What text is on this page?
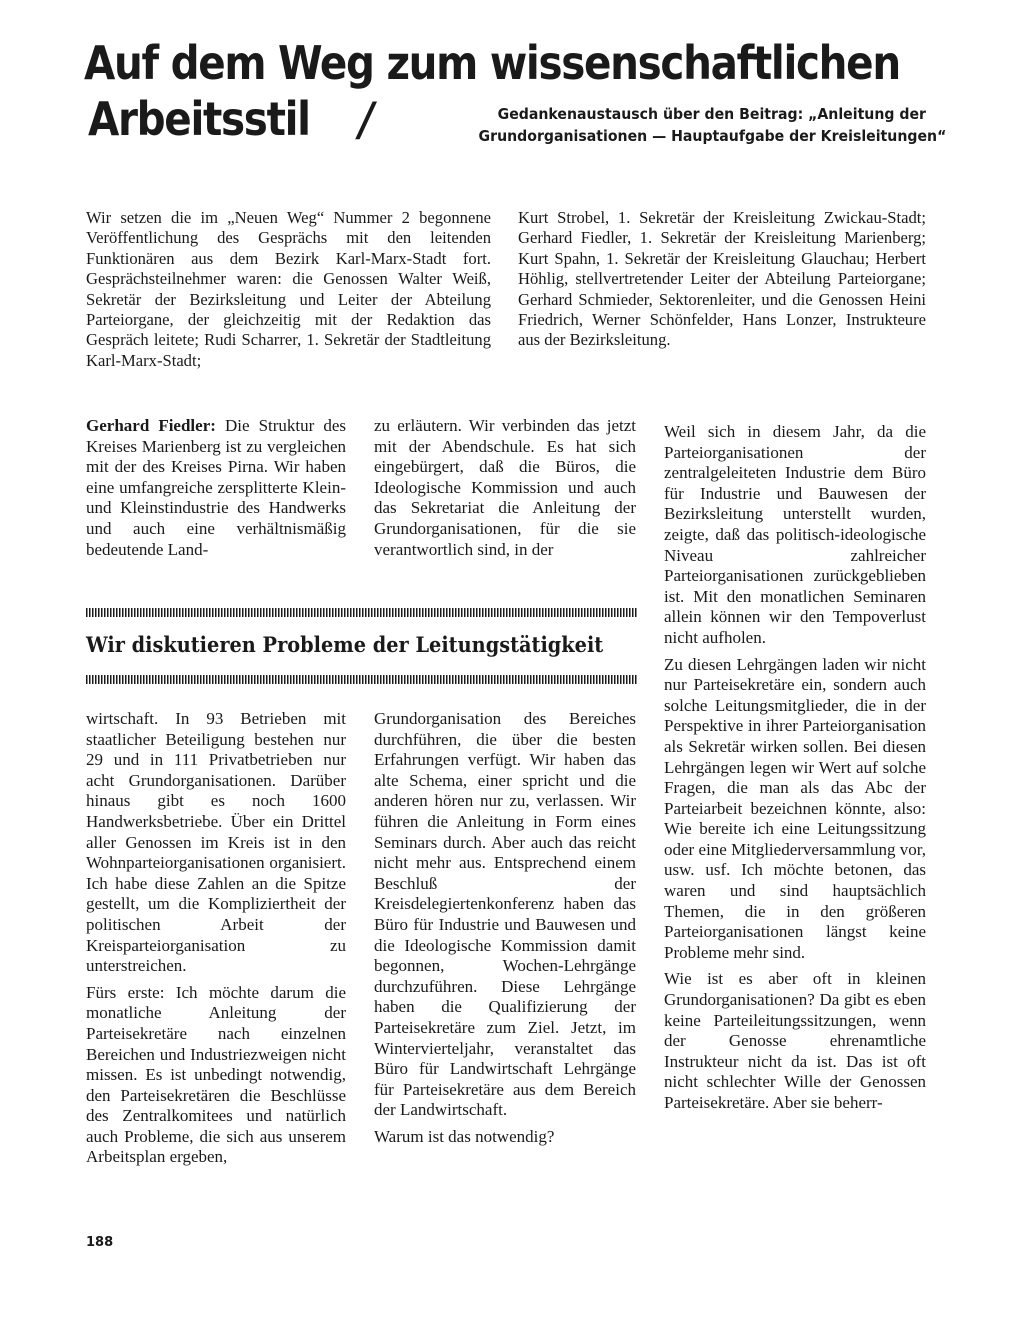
Auf dem Weg zum wissenschaftlichen
Arbeitsstil /	Gedankenaustausch über den Beitrag: „Anleitung der
Grundorganisationen — Hauptaufgabe der Kreisleitungen“

Wir setzen die im „Neuen Weg“ Nummer 2 begonnene Veröffentlichung des Gesprächs mit den leitenden Funktionären aus dem Bezirk Karl-Marx-Stadt fort. Gesprächsteilnehmer waren: die Genossen Walter Weiß, Sekretär der Bezirksleitung und Leiter der Abteilung Parteiorgane, der gleichzeitig mit der Redaktion das Gespräch leitete; Rudi Scharrer, 1. Sekretär der Stadtleitung Karl-Marx-Stadt;

Kurt Strobel, 1. Sekretär der Kreisleitung Zwickau-Stadt; Gerhard Fiedler, 1. Sekretär der Kreisleitung Marienberg; Kurt Spahn, 1. Sekretär der Kreisleitung Glauchau; Herbert Höhlig, stellvertretender Leiter der Abteilung Parteiorgane; Gerhard Schmieder, Sektorenleiter, und die Genossen Heini Friedrich, Werner Schönfelder, Hans Lonzer, Instrukteure aus der Bezirksleitung.

Gerhard Fiedler: Die Struktur des Kreises Marienberg ist zu vergleichen mit der des Kreises Pirna. Wir haben eine umfangreiche zersplitterte Klein- und Kleinstindustrie des Handwerks und auch eine verhältnismäßig bedeutende Land-

zu erläutern. Wir verbinden das jetzt mit der Abendschule. Es hat sich eingebürgert, daß die Büros, die Ideologische Kommission und auch das Sekretariat die Anleitung der Grundorganisationen, für die sie verantwortlich sind, in der

Wir diskutieren Probleme der Leitungstätigkeit

wirtschaft. In 93 Betrieben mit staatlicher Beteiligung bestehen nur 29 und in 111 Privatbetrieben nur acht Grundorganisationen. Darüber hinaus gibt es noch 1600 Handwerksbetriebe. Über ein Drittel aller Genossen im Kreis ist in den Wohnparteiorganisationen organisiert. Ich habe diese Zahlen an die Spitze gestellt, um die Kompliziertheit der politischen Arbeit der Kreisparteiorganisation zu unterstreichen.

Fürs erste: Ich möchte darum die monatliche Anleitung der Parteisekretäre nach einzelnen Bereichen und Industriezweigen nicht missen. Es ist unbedingt notwendig, den Parteisekretären die Beschlüsse des Zentralkomitees und natürlich auch Probleme, die sich aus unserem Arbeitsplan ergeben,

Grundorganisation des Bereiches durchführen, die über die besten Erfahrungen verfügt. Wir haben das alte Schema, einer spricht und die anderen hören nur zu, verlassen. Wir führen die Anleitung in Form eines Seminars durch. Aber auch das reicht nicht mehr aus. Entsprechend einem Beschluß der Kreisdelegiertenkonferenz haben das Büro für Industrie und Bauwesen und die Ideologische Kommission damit begonnen, Wochen-Lehrgänge durchzuführen. Diese Lehrgänge haben die Qualifizierung der Parteisekretäre zum Ziel. Jetzt, im Wintervierteljahr, veranstaltet das Büro für Landwirtschaft Lehrgänge für Parteisekretäre aus dem Bereich der Landwirtschaft.

Warum ist das notwendig?

Weil sich in diesem Jahr, da die Parteiorganisationen der zentralgeleiteten Industrie dem Büro für Industrie und Bauwesen der Bezirksleitung unterstellt wurden, zeigte, daß das politisch-ideologische Niveau zahlreicher Parteiorganisationen zurückgeblieben ist. Mit den monatlichen Seminaren allein können wir den Tempoverlust nicht aufholen.

Zu diesen Lehrgängen laden wir nicht nur Parteisekretäre ein, sondern auch solche Leitungsmitglieder, die in der Perspektive in ihrer Parteiorganisation als Sekretär wirken sollen. Bei diesen Lehrgängen legen wir Wert auf solche Fragen, die man als das Abc der Parteiarbeit bezeichnen könnte, also: Wie bereite ich eine Leitungssitzung oder eine Mitgliederversammlung vor, usw. usf. Ich möchte betonen, das waren und sind hauptsächlich Themen, die in den größeren Parteiorganisationen längst keine Probleme mehr sind.

Wie ist es aber oft in kleinen Grundorganisationen? Da gibt es eben keine Parteileitungssitzungen, wenn der Genosse ehrenamtliche Instrukteur nicht da ist. Das ist oft nicht schlechter Wille der Genossen Parteisekretäre. Aber sie beherr-

188
